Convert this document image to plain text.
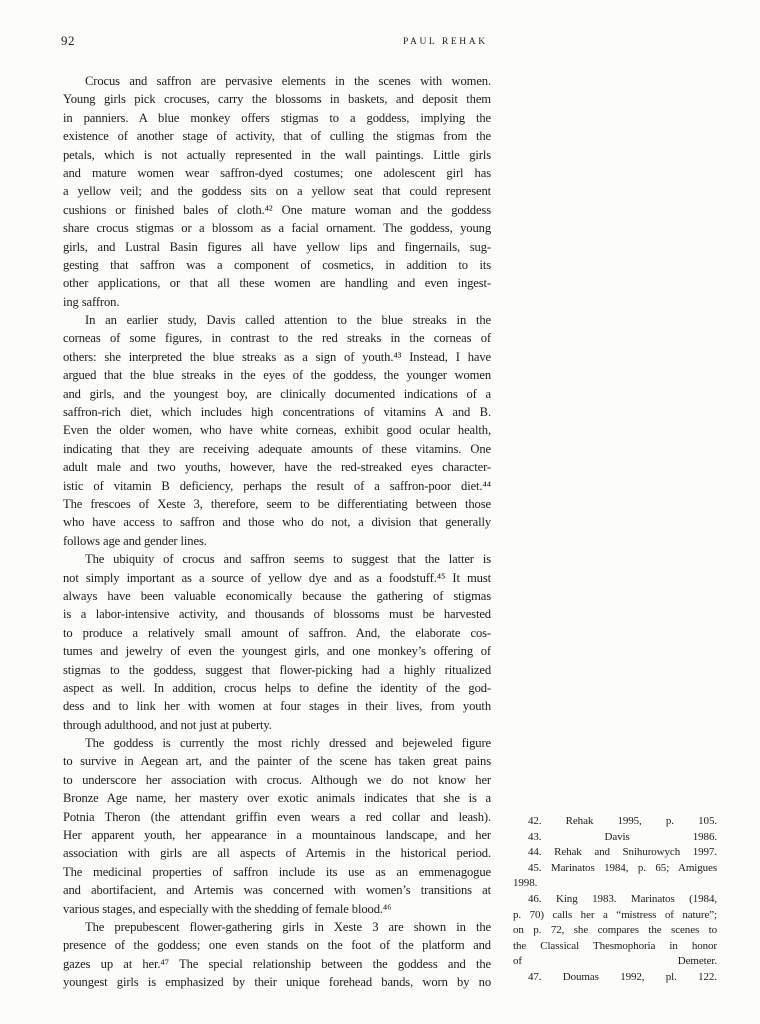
92	PAUL REHAK
Crocus and saffron are pervasive elements in the scenes with women.
Young girls pick crocuses, carry the blossoms in baskets, and deposit them
in panniers. A blue monkey offers stigmas to a goddess, implying the
existence of another stage of activity, that of culling the stigmas from the
petals, which is not actually represented in the wall paintings. Little girls
and mature women wear saffron-dyed costumes; one adolescent girl has
a yellow veil; and the goddess sits on a yellow seat that could represent
cushions or finished bales of cloth.⁴² One mature woman and the goddess
share crocus stigmas or a blossom as a facial ornament. The goddess, young
girls, and Lustral Basin figures all have yellow lips and fingernails, sug-
gesting that saffron was a component of cosmetics, in addition to its
other applications, or that all these women are handling and even ingest-
ing saffron.
In an earlier study, Davis called attention to the blue streaks in the
corneas of some figures, in contrast to the red streaks in the corneas of
others: she interpreted the blue streaks as a sign of youth.⁴³ Instead, I have
argued that the blue streaks in the eyes of the goddess, the younger women
and girls, and the youngest boy, are clinically documented indications of a
saffron-rich diet, which includes high concentrations of vitamins A and B.
Even the older women, who have white corneas, exhibit good ocular health,
indicating that they are receiving adequate amounts of these vitamins. One
adult male and two youths, however, have the red-streaked eyes character-
istic of vitamin B deficiency, perhaps the result of a saffron-poor diet.⁴⁴
The frescoes of Xeste 3, therefore, seem to be differentiating between those
who have access to saffron and those who do not, a division that generally
follows age and gender lines.
The ubiquity of crocus and saffron seems to suggest that the latter is
not simply important as a source of yellow dye and as a foodstuff.⁴⁵ It must
always have been valuable economically because the gathering of stigmas
is a labor-intensive activity, and thousands of blossoms must be harvested
to produce a relatively small amount of saffron. And, the elaborate cos-
tumes and jewelry of even the youngest girls, and one monkey’s offering of
stigmas to the goddess, suggest that flower-picking had a highly ritualized
aspect as well. In addition, crocus helps to define the identity of the god-
dess and to link her with women at four stages in their lives, from youth
through adulthood, and not just at puberty.
The goddess is currently the most richly dressed and bejeweled figure
to survive in Aegean art, and the painter of the scene has taken great pains
to underscore her association with crocus. Although we do not know her
Bronze Age name, her mastery over exotic animals indicates that she is a
Potnia Theron (the attendant griffin even wears a red collar and leash).
Her apparent youth, her appearance in a mountainous landscape, and her
association with girls are all aspects of Artemis in the historical period.
The medicinal properties of saffron include its use as an emmenagogue
and abortifacient, and Artemis was concerned with women’s transitions at
various stages, and especially with the shedding of female blood.⁴⁶
The prepubescent flower-gathering girls in Xeste 3 are shown in the
presence of the goddess; one even stands on the foot of the platform and
gazes up at her.⁴⁷ The special relationship between the goddess and the
youngest girls is emphasized by their unique forehead bands, worn by no
42. Rehak 1995, p. 105.
43. Davis 1986.
44. Rehak and Snihurowych 1997.
45. Marinatos 1984, p. 65; Amigues
1998.
46. King 1983. Marinatos (1984,
p. 70) calls her a “mistress of nature”;
on p. 72, she compares the scenes to
the Classical Thesmophoria in honor
of Demeter.
47. Doumas 1992, pl. 122.
